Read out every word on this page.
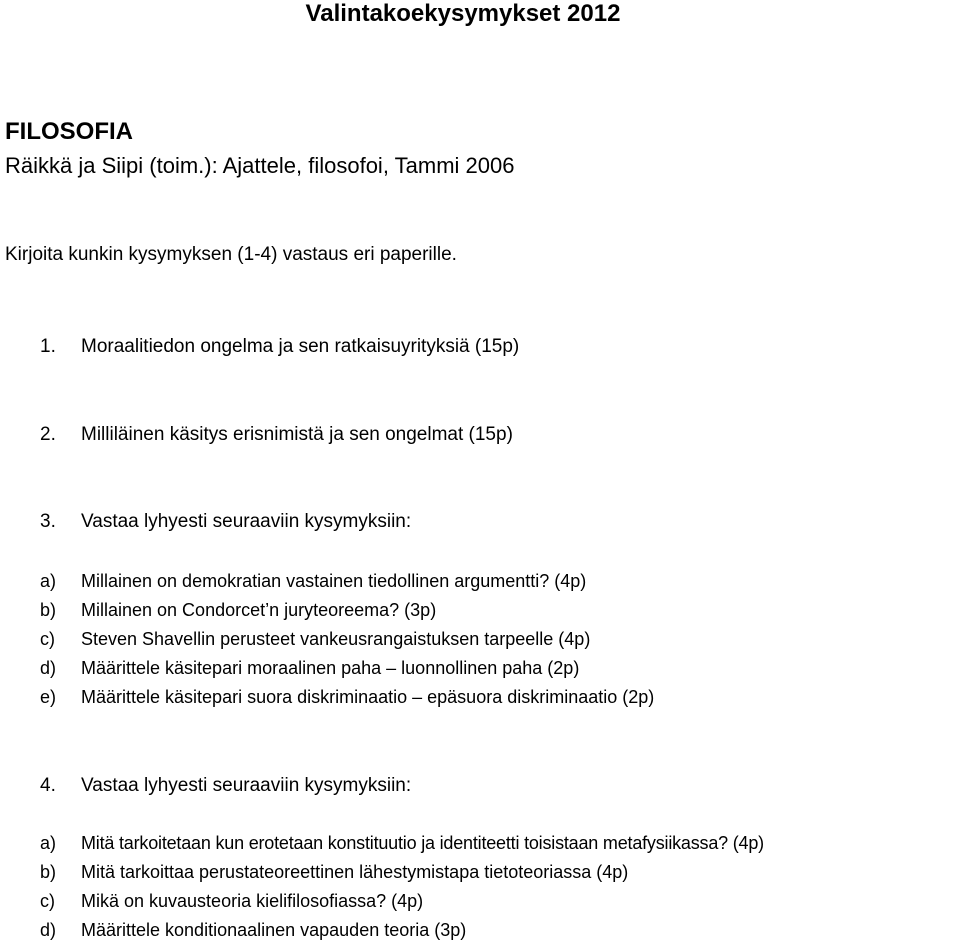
Valintakoekysymykset 2012
FILOSOFIA
Räikkä ja Siipi (toim.): Ajattele, filosofoi, Tammi 2006
Kirjoita kunkin kysymyksen (1-4) vastaus eri paperille.
1. Moraalitiedon ongelma ja sen ratkaisuyrityksiä (15p)
2. Milliläinen käsitys erisnimistä ja sen ongelmat (15p)
3. Vastaa lyhyesti seuraaviin kysymyksiin:
a) Millainen on demokratian vastainen tiedollinen argumentti? (4p)
b) Millainen on Condorcet’n juryteoreema? (3p)
c) Steven Shavellin perusteet vankeusrangaistuksen tarpeelle (4p)
d) Määrittele käsitepari moraalinen paha – luonnollinen paha (2p)
e) Määrittele käsitepari suora diskriminaatio – epäsuora diskriminaatio (2p)
4. Vastaa lyhyesti seuraaviin kysymyksiin:
a) Mitä tarkoitetaan kun erotetaan konstituutio ja identiteetti toisistaan metafysiikassa? (4p)
b) Mitä tarkoittaa perustateoreettinen lähestymistapa tietoteoriassa (4p)
c) Mikä on kuvausteoria kielifilosofiassa? (4p)
d) Määrittele konditionaalinen vapauden teoria (3p)
